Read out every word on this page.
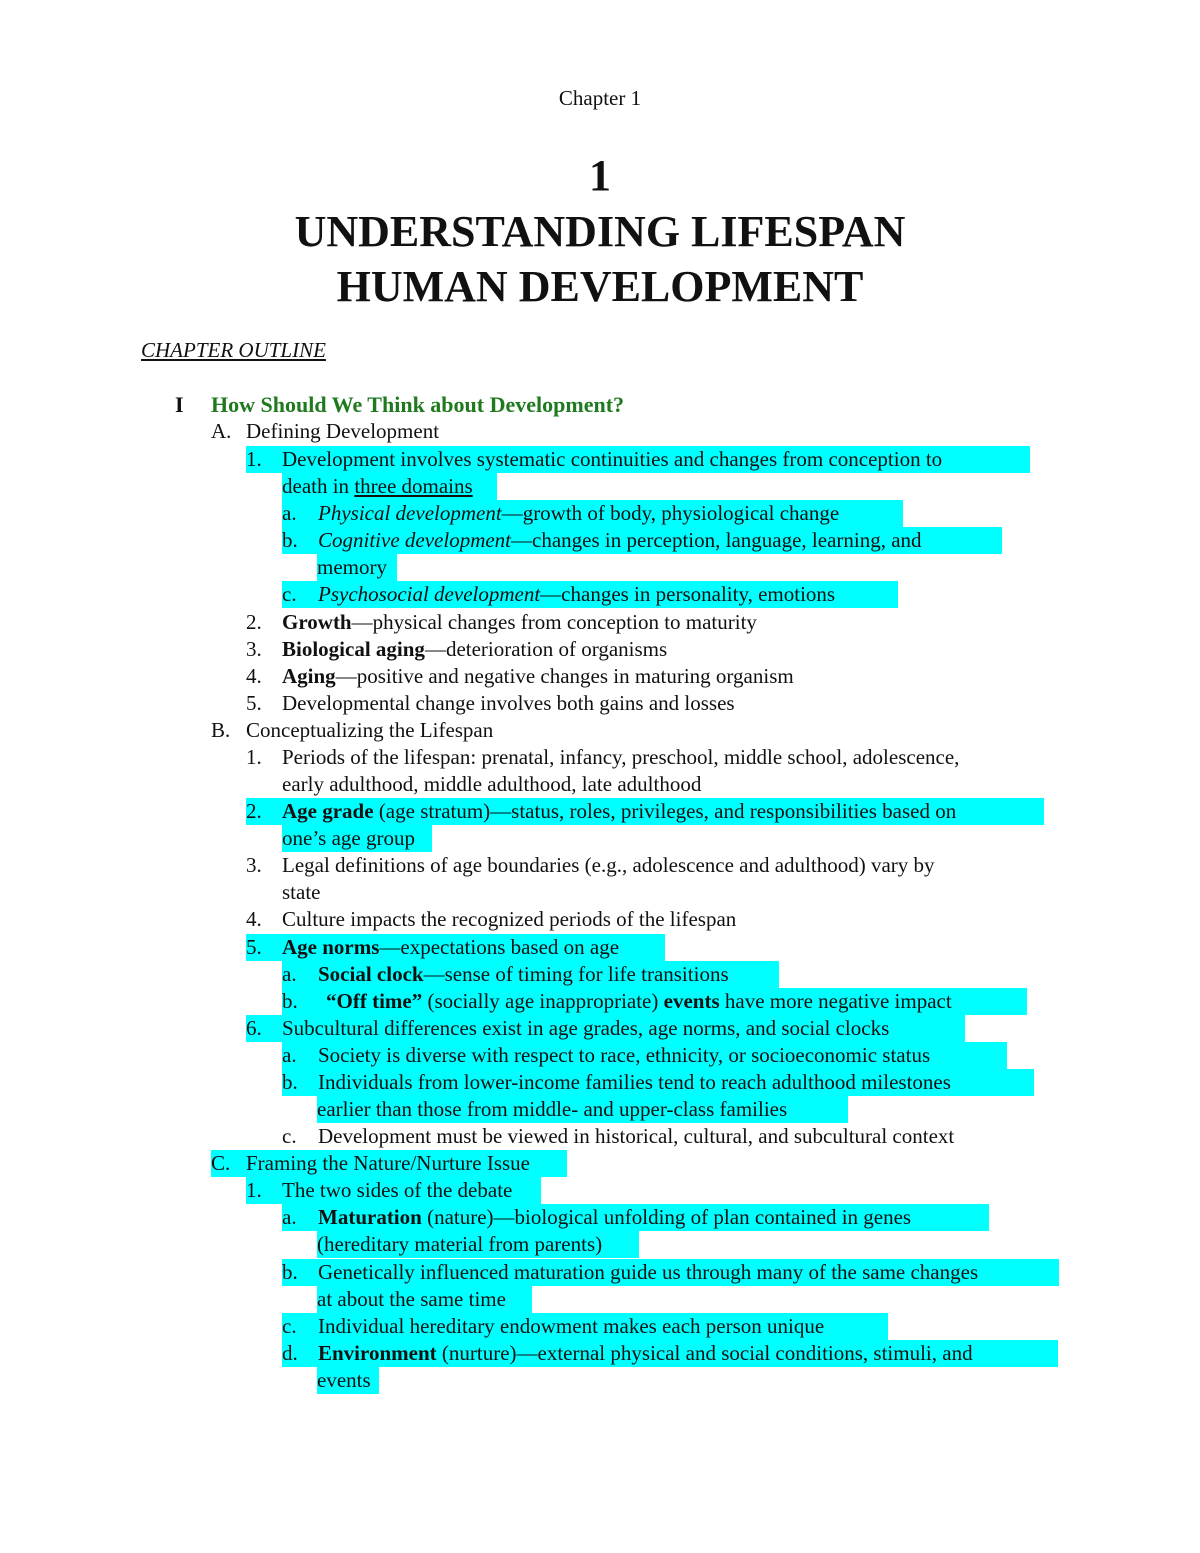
Chapter 1
1
UNDERSTANDING LIFESPAN
HUMAN DEVELOPMENT
CHAPTER OUTLINE
I How Should We Think about Development?
A. Defining Development
1. Development involves systematic continuities and changes from conception to
death in three domains
a. Physical development—growth of body, physiological change
b. Cognitive development—changes in perception, language, learning, and
memory
c. Psychosocial development—changes in personality, emotions
2. Growth—physical changes from conception to maturity
3. Biological aging—deterioration of organisms
4. Aging—positive and negative changes in maturing organism
5. Developmental change involves both gains and losses
B. Conceptualizing the Lifespan
1. Periods of the lifespan: prenatal, infancy, preschool, middle school, adolescence,
early adulthood, middle adulthood, late adulthood
2. Age grade (age stratum)—status, roles, privileges, and responsibilities based on
one’s age group
3. Legal definitions of age boundaries (e.g., adolescence and adulthood) vary by
state
4. Culture impacts the recognized periods of the lifespan
5. Age norms—expectations based on age
a. Social clock—sense of timing for life transitions
b. “Off time” (socially age inappropriate) events have more negative impact
6. Subcultural differences exist in age grades, age norms, and social clocks
a. Society is diverse with respect to race, ethnicity, or socioeconomic status
b. Individuals from lower-income families tend to reach adulthood milestones
earlier than those from middle- and upper-class families
c. Development must be viewed in historical, cultural, and subcultural context
C. Framing the Nature/Nurture Issue
1. The two sides of the debate
a. Maturation (nature)—biological unfolding of plan contained in genes
(hereditary material from parents)
b. Genetically influenced maturation guide us through many of the same changes
at about the same time
c. Individual hereditary endowment makes each person unique
d. Environment (nurture)—external physical and social conditions, stimuli, and
events
